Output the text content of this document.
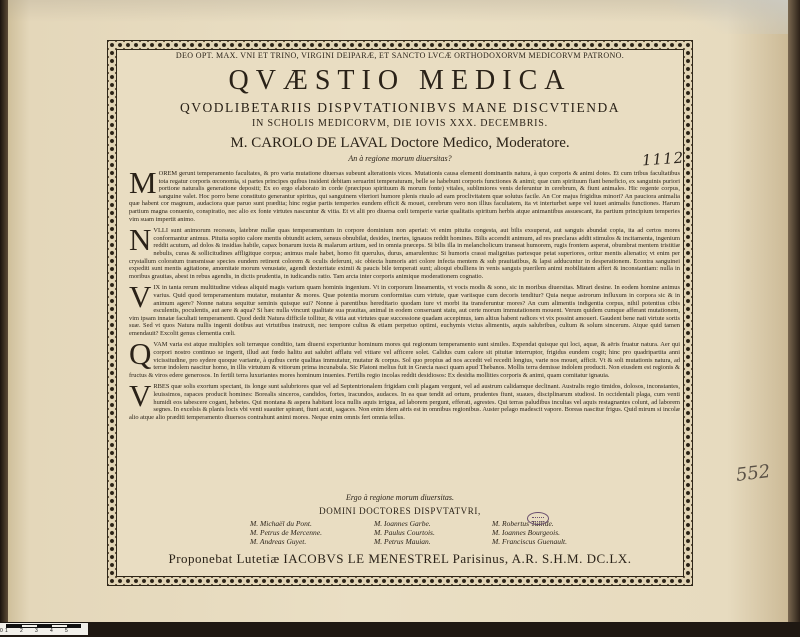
DEO OPT. MAX. VNI ET TRINO, VIRGINI DEIPARÆ, ET SANCTO LVCÆ ORTHODOXORVM MEDICORVM PATRONO.
QVÆSTIO MEDICA
QVODLIBETARIIS DISPVTATIONIBVS MANE DISCVTIENDA
IN SCHOLIS MEDICORVM, DIE IOVIS XXX. DECEMBRIS.
M. CAROLO DE LAVAL Doctore Medico, Moderatore.
An à regione morum diuersitas?	1112
552

MOREM gerunt temperamento facultates, & pro varia mutatione diuersas subeunt alterationis vices. Mutationis causa elementi dominantis natura, à quo corporis & animi dotes. Et cum tribus facultatibus tota regatur corporis œconomia, si partes principes quibus insident debitam seruarint temperaturam, belle se habebunt corporis functiones & animi; quæ cum spirituum fiant beneficio, ex sanguinis puriori portione naturalis generatione depositi; Ex eo ergo elaborato in corde (præcipuo spirituum & morum fonte) vitales, sublimiores venis deferuntur in cerebrum, & fiunt animales. Hic regente corpus, sanguine valet. Hoc porro bene constituto generantur spiritus, qui sanguinem vlteriori humore plenis riuulo ad eam proclivitatem quæ solutus facile. An Cor majus frigidius minori? An pauciora animalia quæ habent cor magnum, audaciora quæ paruo sunt prædita; hinc regiæ partis temperies eundem efficit & mouet, cerebrum vero non illius facultatem, ita vt interturbet sæpe vel iuuet animalis functiones. Harum partium magna conuenio, conspiratio, nec alio ex fonte virtutes nascuntur & vitia. Et vt alii pro diuersa cœli temperie variæ qualitatis spiritum herbis atque animantibus assuescant, ita partium principium temperies vim suam impertit animo.

NVLLI sunt animorum recessus, latebræ nullæ quas temperamentum in corpore dominium non aperiat: vt enim pituita congesta, aut bilis exsuperat, aut sanguis abundat copia, ita ad certos mores conformantur animus. Pituita sopito calore mentis obtundit aciem, sensus obnubilat, desides, inertes, ignauos reddit homines. Bilis accendit animum, ad res præclaras addit stimulos & incitamenta, ingenium reddit acutum, ad dolos & insidias habile, capax bonarum iuxta & malarum artium, sed in omnia præceps. Si bilis illa in melancholicum transeat humorem, rugis frontem asperat, obumbrat mentem tristitiæ nebulis, curas & sollicitudines affligitque corpus; animus male habet, homo fit querulus, durus, amarulentus: Si humoris crassi malignitas partesque petat superiores, oritur mentis alienatio; vt enim per crystallum coloratum transmissæ species eundem retinent colorem & oculis deferunt, sic obiecta humoris atri colore infecta mentem & sub prauitatibus, & lapsi adducuntur in desperationem. Econtra sanguinei expediti sunt mentis agitatione, amœnitate morum venustate, agendi dexteritate eximii & paucis bile temperati sunt; alioqui ebulliens in venis sanguis puerilem animi mobilitatem affert & inconstantiam: nulla in moribus grauitas, abest in rebus agendis, in dictis prudentia, in iudicandis ratio. Tam arcta inter corporis animique moderationem cognatio.

VIX in tanta rerum multitudine videas aliquid magis varium quam hominis ingenium. Vt in corporum lineamentis, vt vocis modis & sono, sic in moribus diuersitas. Mirari desine. In eodem homine animus varius. Quid quod temperamentum mutatur, mutantur & mores. Quæ potentia morum conformitas cum virtute, quæ variisque cum decoris tenditur? Quia neque astrorum influxum in corpora sic & in animum agere? Nonne natura sequitur seminis quisque sui? Nonne à parentibus hereditario quodam iure vt morbi ita transferuntur mores? An cum alimentis indigentia corpus, nihil potentius cibis esculentis, poculentis, aut aere & aqua? Si hæc nulla vincunt qualitate sua prauitas, animal in eodem conseruant statu, aut certe morum immutationem mouent. Verum quidem cumque afferant mutationem, vim ipsam innatæ facultati temperamenti. Quod dedit Natura difficile tollitur, & vitia aut virtutes quæ successione quadam accepimus, iam altius habent radices vt vix possint amoueri. Gaudent bene nati virtute sortis suæ. Sed vt quos Natura nullis ingenii dotibus aut virtutibus instruxit, nec tempore cultus & etiam perpetuo optimi, euchymis victus alimentis, aquis salubribus, cultum & solum sincerum. Atque quid tamen emendauit? Excolit genus clementia cœli.

QVAM varia est atque multiplex soli terræque conditio, tam diuersi experiuntur hominum mores qui regionum temperamento sunt similes. Expendat quisque qui loci, aquæ, & aëris fruatur natura. Aer qui corpori nostro continuo se ingerit, illud aut fœdo halitu aut salubri afflatu vel vitiare vel afficere solet. Calidus cum calore sit pituitæ interruptor, frigidus eundem cogit; hinc pro quadripartita anni vicissitudine, pro sydere quoque variante, à quibus certe qualitas immutatur, mutatur & corpus. Sol quo propius ad nos accedit vel recedit longius, varie nos mouet, afficit. Vt & soli mutationis natura, ad terræ indolem nascitur homo, in illis virtutum & vitiorum prima incunabula. Sic Platoni melius fuit in Græcia nasci quam apud Thebanos. Mollis terra demisse indolem producit. Non eiusdem est regionis & fructus & viros edere generosos. In fertili terra luxuriantes mores hominum inuenies. Fertilis regio incolas reddit desidiosos: Ex desidia mollities corporis & animi, quam comitatur ignauia.

VRBES quæ solis exortum spectant, iis longe sunt salubriores quæ vel ad Septentrionalem frigidam cœli plagam vergunt, vel ad austrum calidamque declinant. Australis regio timidos, dolosos, inconstantes, leuissimos, rapaces producit homines: Borealis sinceros, candidos, fortes, iracundos, audaces. In ea quæ tendit ad ortum, prudentes fiunt, suaues, disciplinarum studiosi. In occidentali plaga, cum venti humidi eos tabescere cogant, hebetes. Qui montana & aspera habitant loca nullis aquis irrigua, ad laborem pergunt, efferati, agrestes. Qui terras paludibus incultas vel aquis restagnantes colunt, ad laborem segnes. In excelsis & planis locis vbi venti suauiter spirant, fiunt acuti, sagaces. Non enim idem aëris est in omnibus regionibus. Auster pelago madescit vapore. Boreas nascitur frigus. Quid mirum si incolæ alio atque alio præditi temperamento diuersos contrahunt animi mores. Neque enim omnis fert omnia tellus.

Ergo à regione morum diuersitas.
DOMINI DOCTORES DISPVTATVRI,
M. Michaël du Pont.	M. Ioannes Garbe.	M. Robertus Tullide.
M. Petrus de Mercenne.	M. Paulus Courtois.	M. Ioannes Bourgeois.
M. Andreas Guyet.	M. Petrus Mauian.	M. Franciscus Guenault.
Proponebat Lutetiæ IACOBVS LE MENESTREL Parisinus, A.R. S.H.M. DC.LX.
0 1 2 3 4 5
